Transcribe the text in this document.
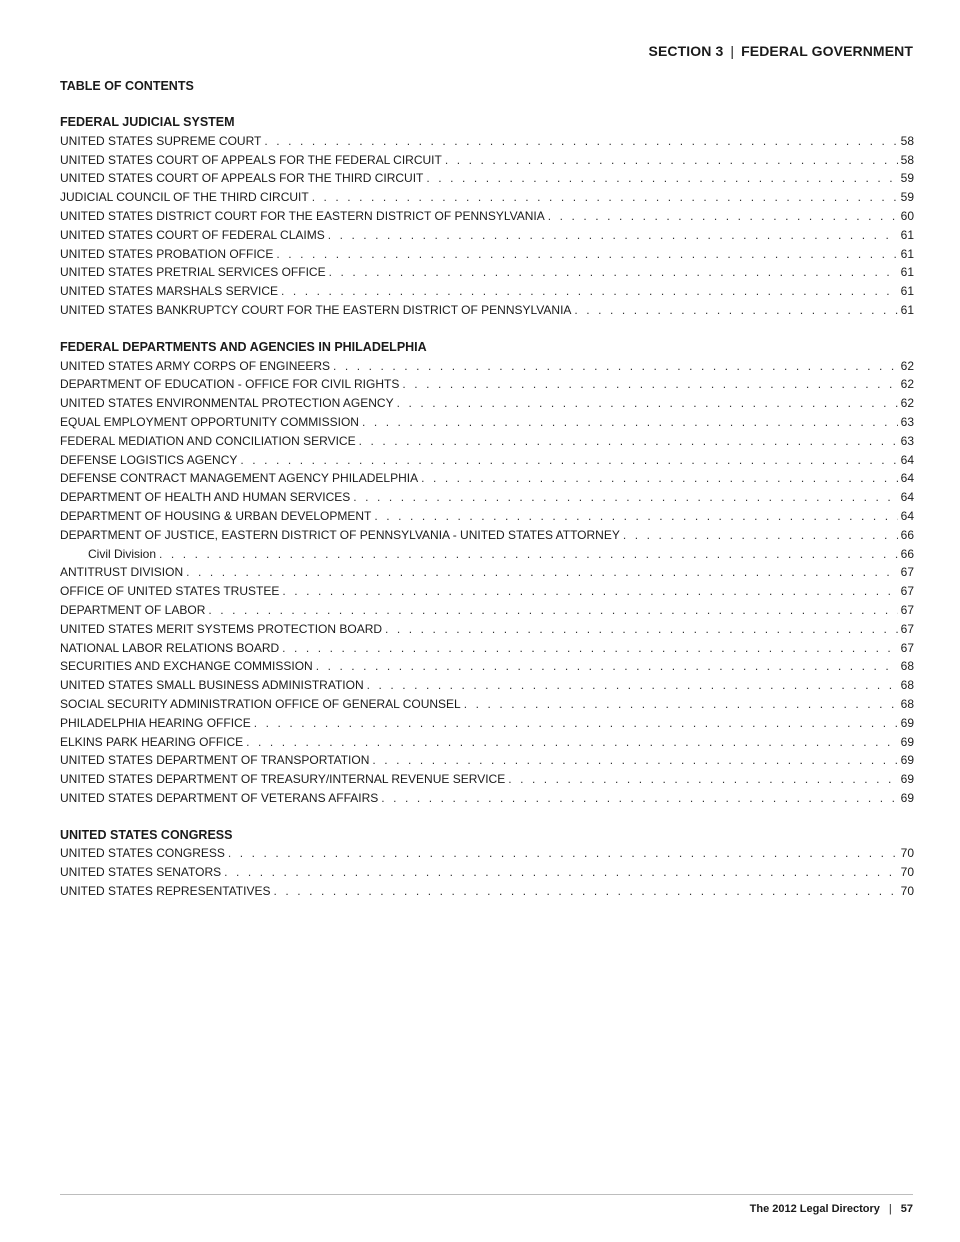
SECTION 3 | FEDERAL GOVERNMENT
TABLE OF CONTENTS
FEDERAL JUDICIAL SYSTEM
UNITED STATES SUPREME COURT . . .	58
UNITED STATES COURT OF APPEALS FOR THE FEDERAL CIRCUIT . . .	58
UNITED STATES COURT OF APPEALS FOR THE THIRD CIRCUIT . . .	59
JUDICIAL COUNCIL OF THE THIRD CIRCUIT . . .	59
UNITED STATES DISTRICT COURT FOR THE EASTERN DISTRICT OF PENNSYLVANIA . . .	60
UNITED STATES COURT OF FEDERAL CLAIMS . . .	61
UNITED STATES PROBATION OFFICE . . .	61
UNITED STATES PRETRIAL SERVICES OFFICE . . .	61
UNITED STATES MARSHALS SERVICE . . .	61
UNITED STATES BANKRUPTCY COURT FOR THE EASTERN DISTRICT OF PENNSYLVANIA . . .	61
FEDERAL DEPARTMENTS AND AGENCIES IN PHILADELPHIA
UNITED STATES ARMY CORPS OF ENGINEERS . . .	62
DEPARTMENT OF EDUCATION - OFFICE FOR CIVIL RIGHTS . . .	62
UNITED STATES ENVIRONMENTAL PROTECTION AGENCY . . .	62
EQUAL EMPLOYMENT OPPORTUNITY COMMISSION . . .	63
FEDERAL MEDIATION AND CONCILIATION SERVICE . . .	63
DEFENSE LOGISTICS AGENCY . . .	64
DEFENSE CONTRACT MANAGEMENT AGENCY PHILADELPHIA . . .	64
DEPARTMENT OF HEALTH AND HUMAN SERVICES . . .	64
DEPARTMENT OF HOUSING & URBAN DEVELOPMENT . . .	64
DEPARTMENT OF JUSTICE, EASTERN DISTRICT OF PENNSYLVANIA - UNITED STATES ATTORNEY . . .	66
Civil Division . . .	66
ANTITRUST DIVISION . . .	67
OFFICE OF UNITED STATES TRUSTEE . . .	67
DEPARTMENT OF LABOR . . .	67
UNITED STATES MERIT SYSTEMS PROTECTION BOARD . . .	67
NATIONAL LABOR RELATIONS BOARD . . .	67
SECURITIES AND EXCHANGE COMMISSION . . .	68
UNITED STATES SMALL BUSINESS ADMINISTRATION . . .	68
SOCIAL SECURITY ADMINISTRATION OFFICE OF GENERAL COUNSEL . . .	68
PHILADELPHIA HEARING OFFICE . . .	69
ELKINS PARK HEARING OFFICE . . .	69
UNITED STATES DEPARTMENT OF TRANSPORTATION . . .	69
UNITED STATES DEPARTMENT OF TREASURY/INTERNAL REVENUE SERVICE . . .	69
UNITED STATES DEPARTMENT OF VETERANS AFFAIRS . . .	69
UNITED STATES CONGRESS
UNITED STATES CONGRESS . . .	70
UNITED STATES SENATORS . . .	70
UNITED STATES REPRESENTATIVES . . .	70
The 2012 Legal Directory | 57
